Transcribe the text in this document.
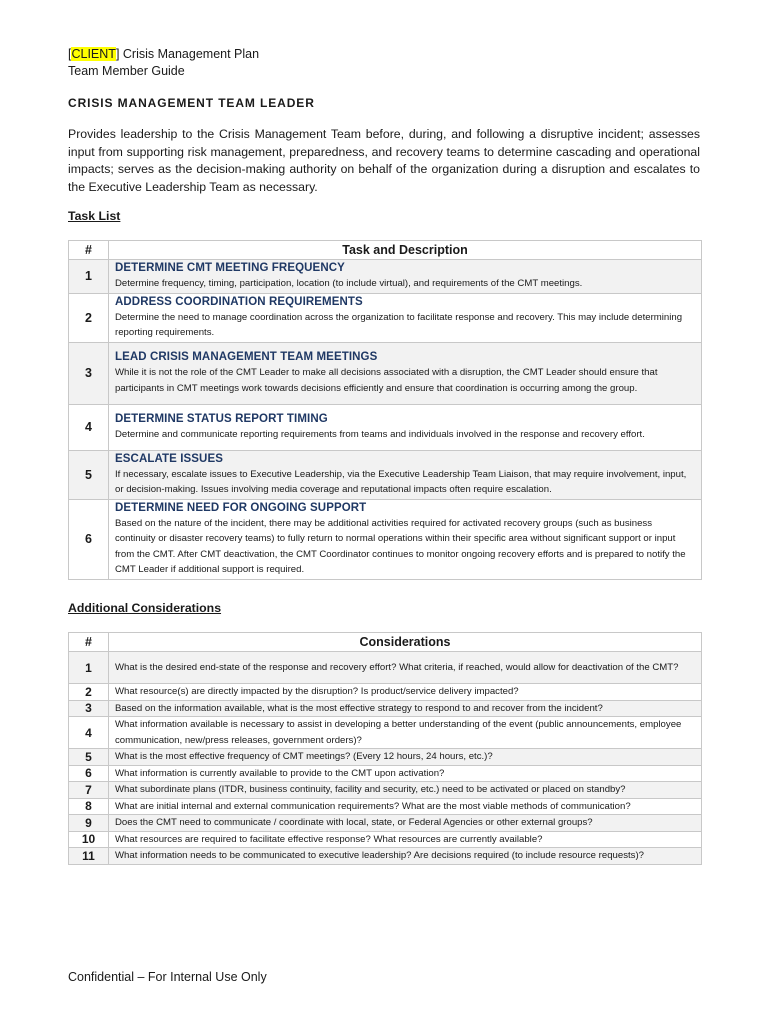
[CLIENT] Crisis Management Plan
Team Member Guide
CRISIS MANAGEMENT TEAM LEADER
Provides leadership to the Crisis Management Team before, during, and following a disruptive incident; assesses input from supporting risk management, preparedness, and recovery teams to determine cascading and operational impacts; serves as the decision-making authority on behalf of the organization during a disruption and escalates to the Executive Leadership Team as necessary.
Task List
#	Task and Description
1	DETERMINE CMT MEETING FREQUENCY
Determine frequency, timing, participation, location (to include virtual), and requirements of the CMT meetings.

2	ADDRESS COORDINATION REQUIREMENTS
Determine the need to manage coordination across the organization to facilitate response and recovery. This may include determining reporting requirements.

3	LEAD CRISIS MANAGEMENT TEAM MEETINGS
While it is not the role of the CMT Leader to make all decisions associated with a disruption, the CMT Leader should ensure that participants in CMT meetings work towards decisions efficiently and ensure that coordination is occurring among the group.

4	DETERMINE STATUS REPORT TIMING
Determine and communicate reporting requirements from teams and individuals involved in the response and recovery effort.

5	ESCALATE ISSUES
If necessary, escalate issues to Executive Leadership, via the Executive Leadership Team Liaison, that may require involvement, input, or decision-making. Issues involving media coverage and reputational impacts often require escalation.

6	DETERMINE NEED FOR ONGOING SUPPORT
Based on the nature of the incident, there may be additional activities required for activated recovery groups (such as business continuity or disaster recovery teams) to fully return to normal operations within their specific area without significant support or input from the CMT. After CMT deactivation, the CMT Coordinator continues to monitor ongoing recovery efforts and is prepared to notify the CMT Leader if additional support is required.
Additional Considerations
#	Considerations
1	What is the desired end-state of the response and recovery effort? What criteria, if reached, would allow for deactivation of the CMT?
2	What resource(s) are directly impacted by the disruption? Is product/service delivery impacted?
3	Based on the information available, what is the most effective strategy to respond to and recover from the incident?
4	What information available is necessary to assist in developing a better understanding of the event (public announcements, employee communication, new/press releases, government orders)?
5	What is the most effective frequency of CMT meetings? (Every 12 hours, 24 hours, etc.)?
6	What information is currently available to provide to the CMT upon activation?
7	What subordinate plans (ITDR, business continuity, facility and security, etc.) need to be activated or placed on standby?
8	What are initial internal and external communication requirements? What are the most viable methods of communication?
9	Does the CMT need to communicate / coordinate with local, state, or Federal Agencies or other external groups?
10	What resources are required to facilitate effective response? What resources are currently available?
11	What information needs to be communicated to executive leadership? Are decisions required (to include resource requests)?
Confidential – For Internal Use Only
